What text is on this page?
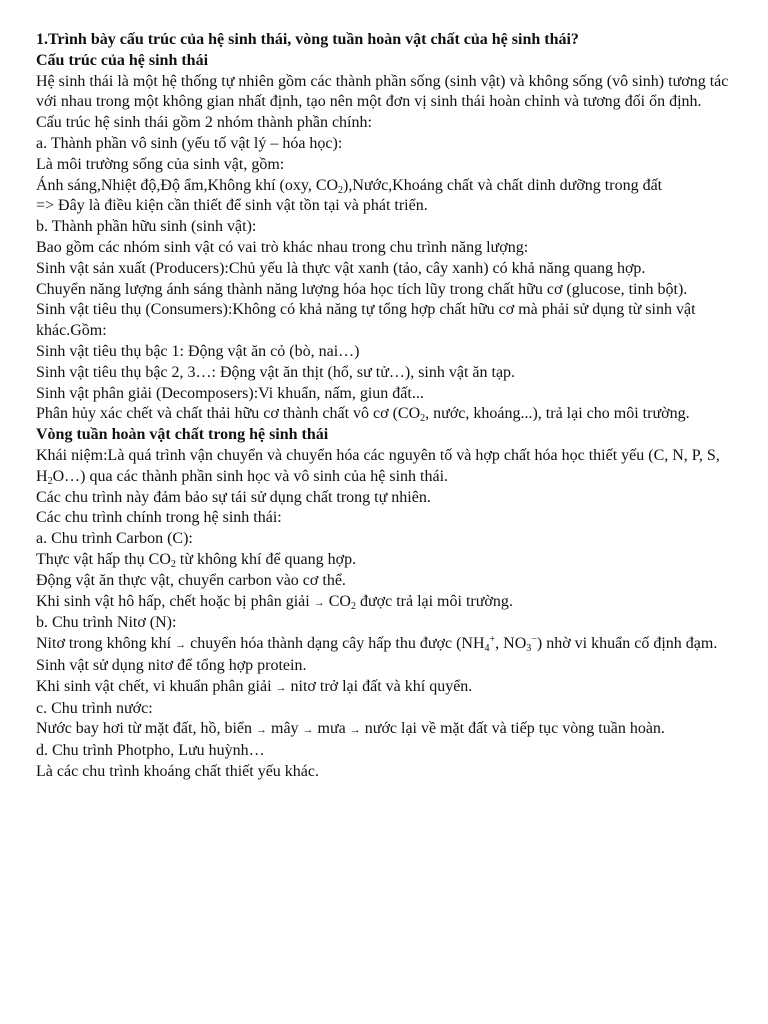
1.Trình bày cấu trúc của hệ sinh thái, vòng tuần hoàn vật chất của hệ sinh thái?

Cấu trúc của hệ sinh thái

Hệ sinh thái là một hệ thống tự nhiên gồm các thành phần sống (sinh vật) và không sống (vô sinh) tương tác với nhau trong một không gian nhất định, tạo nên một đơn vị sinh thái hoàn chỉnh và tương đối ổn định.

Cấu trúc hệ sinh thái gồm 2 nhóm thành phần chính:

a. Thành phần vô sinh (yếu tố vật lý – hóa học):

Là môi trường sống của sinh vật, gồm:

Ánh sáng,Nhiệt độ,Độ ẩm,Không khí (oxy, $CO_2),Nước,Khoáng$ chất và chất dinh dưỡng trong đất

=> Đây là điều kiện cần thiết để sinh vật tồn tại và phát triển.

b. Thành phần hữu sinh (sinh vật):

Bao gồm các nhóm sinh vật có vai trò khác nhau trong chu trình năng lượng:

Sinh vật sản xuất (Producers):Chủ yếu là thực vật xanh (tảo, cây xanh) có khả năng quang hợp.

Chuyển năng lượng ánh sáng thành năng lượng hóa học tích lũy trong chất hữu cơ (glucose, tinh bột).

Sinh vật tiêu thụ (Consumers):Không có khả năng tự tổng hợp chất hữu cơ mà phải sử dụng từ sinh vật khác.Gồm:

Sinh vật tiêu thụ bậc 1: Động vật ăn cỏ (bò, nai…)

Sinh vật tiêu thụ bậc 2, 3…: Động vật ăn thịt (hổ, sư tử…), sinh vật ăn tạp.

Sinh vật phân giải (Decomposers):Vi khuẩn, nấm, giun đất...

Phân hủy xác chết và chất thải hữu cơ thành chất vô cơ ($CO_2$, nước, khoáng...), trả lại cho môi trường.

Vòng tuần hoàn vật chất trong hệ sinh thái

Khái niệm:Là quá trình vận chuyển và chuyển hóa các nguyên tố và hợp chất hóa học thiết yếu (C, N, P, S, $H_2O\dots$) qua các thành phần sinh học và vô sinh của hệ sinh thái.

Các chu trình này đảm bảo sự tái sử dụng chất trong tự nhiên.

Các chu trình chính trong hệ sinh thái:

a. Chu trình Carbon (C):

Thực vật hấp thụ $CO_2$ từ không khí để quang hợp.

Động vật ăn thực vật, chuyển carbon vào cơ thể.

Khi sinh vật hô hấp, chết hoặc bị phân giải → $CO_2$ được trả lại môi trường.

b. Chu trình Nitơ (N):

Nitơ trong không khí → chuyển hóa thành dạng cây hấp thu được ($NH_4^+$, $NO_3^-$) nhờ vi khuẩn cố định đạm.

Sinh vật sử dụng nitơ để tổng hợp protein.

Khi sinh vật chết, vi khuẩn phân giải → nitơ trở lại đất và khí quyển.

c. Chu trình nước:

Nước bay hơi từ mặt đất, hồ, biển → mây → mưa → nước lại về mặt đất và tiếp tục vòng tuần hoàn.

d. Chu trình Photpho, Lưu huỳnh…

Là các chu trình khoáng chất thiết yếu khác.
